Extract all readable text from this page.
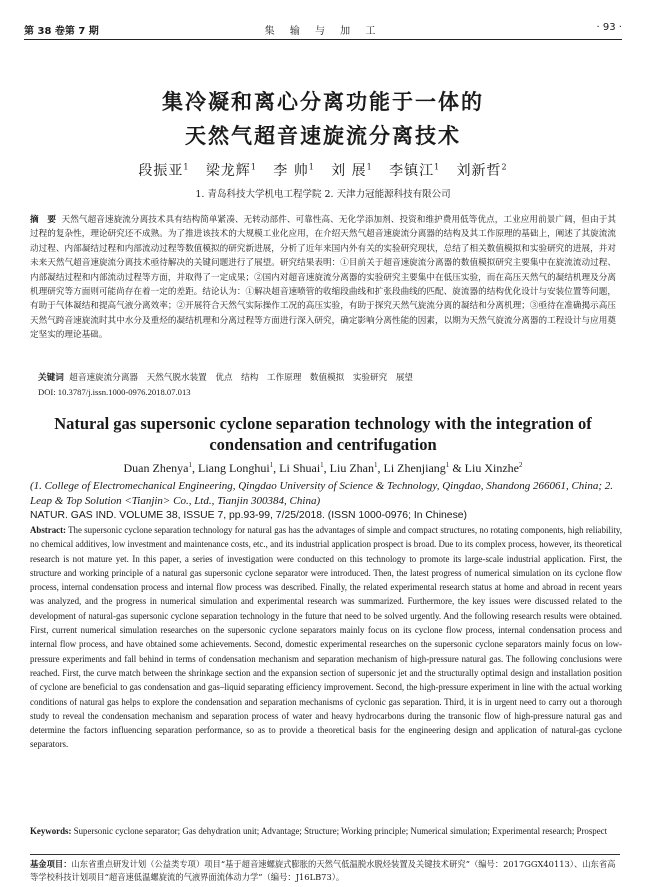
第 38 卷第 7 期	集 输 与 加 工	· 93 ·
集冷凝和离心分离功能于一体的
天然气超音速旋流分离技术
段振亚$^1$ 梁龙辉$^1$ 李 帅$^1$ 刘 展$^1$ 李镇江$^1$ 刘新哲$^2$
1. 青岛科技大学机电工程学院 2. 天津力冠能源科技有限公司
摘　要 天然气超音速旋流分离技术具有结构简单紧凑、无转动部件、可靠性高、无化学添加剂、投资和维护费用低等优点，工业应用前景广阔，但由于其过程的复杂性，理论研究还不成熟。为了推进该技术的大规模工业化应用，在介绍天然气超音速旋流分离器的结构及其工作原理的基础上，阐述了其旋流流动过程、内部凝结过程和内部流动过程等数值模拟的研究新进展，分析了近年来国内外有关的实验研究现状，总结了相关数值模拟和实验研究的进展，并对未来天然气超音速旋流分离技术亟待解决的关键问题进行了展望。研究结果表明：①目前关于超音速旋流分离器的数值模拟研究主要集中在旋流流动过程、内部凝结过程和内部流动过程等方面，并取得了一定成果；②国内对超音速旋流分离器的实验研究主要集中在低压实验，而在高压天然气的凝结机理及分离机理研究等方面则可能尚存在着一定的差距。结论认为：①解决超音速喷管的收缩段曲线和扩张段曲线的匹配、旋流器的结构优化设计与安装位置等问题，有助于气体凝结和提高气液分离效率；②开展符合天然气实际操作工况的高压实验，有助于探究天然气旋流分离的凝结和分离机理；③亟待在准确揭示高压天然气跨音速旋流时其中水分及重烃的凝结机理和分离过程等方面进行深入研究，确定影响分离性能的因素，以期为天然气旋流分离器的工程设计与应用奠定坚实的理论基础。
关键词 超音速旋流分离器　天然气脱水装置　优点　结构　工作原理　数值模拟　实验研究　展望
DOI: 10.3787/j.issn.1000-0976.2018.07.013
Natural gas supersonic cyclone separation technology with the integration of condensation and centrifugation
Duan Zhenya$^1$, Liang Longhui$^1$, Li Shuai$^1$, Liu Zhan$^1$, Li Zhenjiang$^1$ & Liu Xinzhe$^2$
(1. College of Electromechanical Engineering, Qingdao University of Science & Technology, Qingdao, Shandong 266061, China; 2. Leap & Top Solution <Tianjin> Co., Ltd., Tianjin 300384, China)
NATUR. GAS IND. VOLUME 38, ISSUE 7, pp.93-99, 7/25/2018. (ISSN 1000-0976; In Chinese)
Abstract: The supersonic cyclone separation technology for natural gas has the advantages of simple and compact structures, no rotating components, high reliability, no chemical additives, low investment and maintenance costs, etc., and its industrial application prospect is broad. Due to its complex process, however, its theoretical research is not mature yet. In this paper, a series of investigation were conducted on this technology to promote its large-scale industrial application. First, the structure and working principle of a natural gas supersonic cyclone separator were introduced. Then, the latest progress of numerical simulation on its cyclone flow process, internal condensation process and internal flow process was described. Finally, the related experimental research status at home and abroad in recent years was analyzed, and the progress in numerical simulation and experimental research was summarized. Furthermore, the key issues were discussed related to the development of natural-gas supersonic cyclone separation technology in the future that need to be solved urgently. And the following research results were obtained. First, current numerical simulation researches on the supersonic cyclone separators mainly focus on its cyclone flow process, internal condensation process and internal flow process, and have obtained some achievements. Second, domestic experimental researches on the supersonic cyclone separators mainly focus on low-pressure experiments and fall behind in terms of condensation mechanism and separation mechanism of high-pressure natural gas. The following conclusions were reached. First, the curve match between the shrinkage section and the expansion section of supersonic jet and the structurally optimal design and installation position of cyclone are beneficial to gas condensation and gas–liquid separating efficiency improvement. Second, the high-pressure experiment in line with the actual working conditions of natural gas helps to explore the condensation and separation mechanisms of cyclonic gas separation. Third, it is in urgent need to carry out a thorough study to reveal the condensation mechanism and separation process of water and heavy hydrocarbons during the transonic flow of high-pressure natural gas and determine the factors influencing separation performance, so as to provide a theoretical basis for the engineering design and application of natural-gas cyclone separators.
Keywords: Supersonic cyclone separator; Gas dehydration unit; Advantage; Structure; Working principle; Numerical simulation; Experimental research; Prospect
基金项目：山东省重点研发计划（公益类专项）项目“基于超音速螺旋式膨胀的天然气低温脱水脱烃装置及关键技术研究”（编号：2017GGX40113）、山东省高等学校科技计划项目“超音速低温螺旋流的气液界面流体动力学”（编号：J16LB73）。
